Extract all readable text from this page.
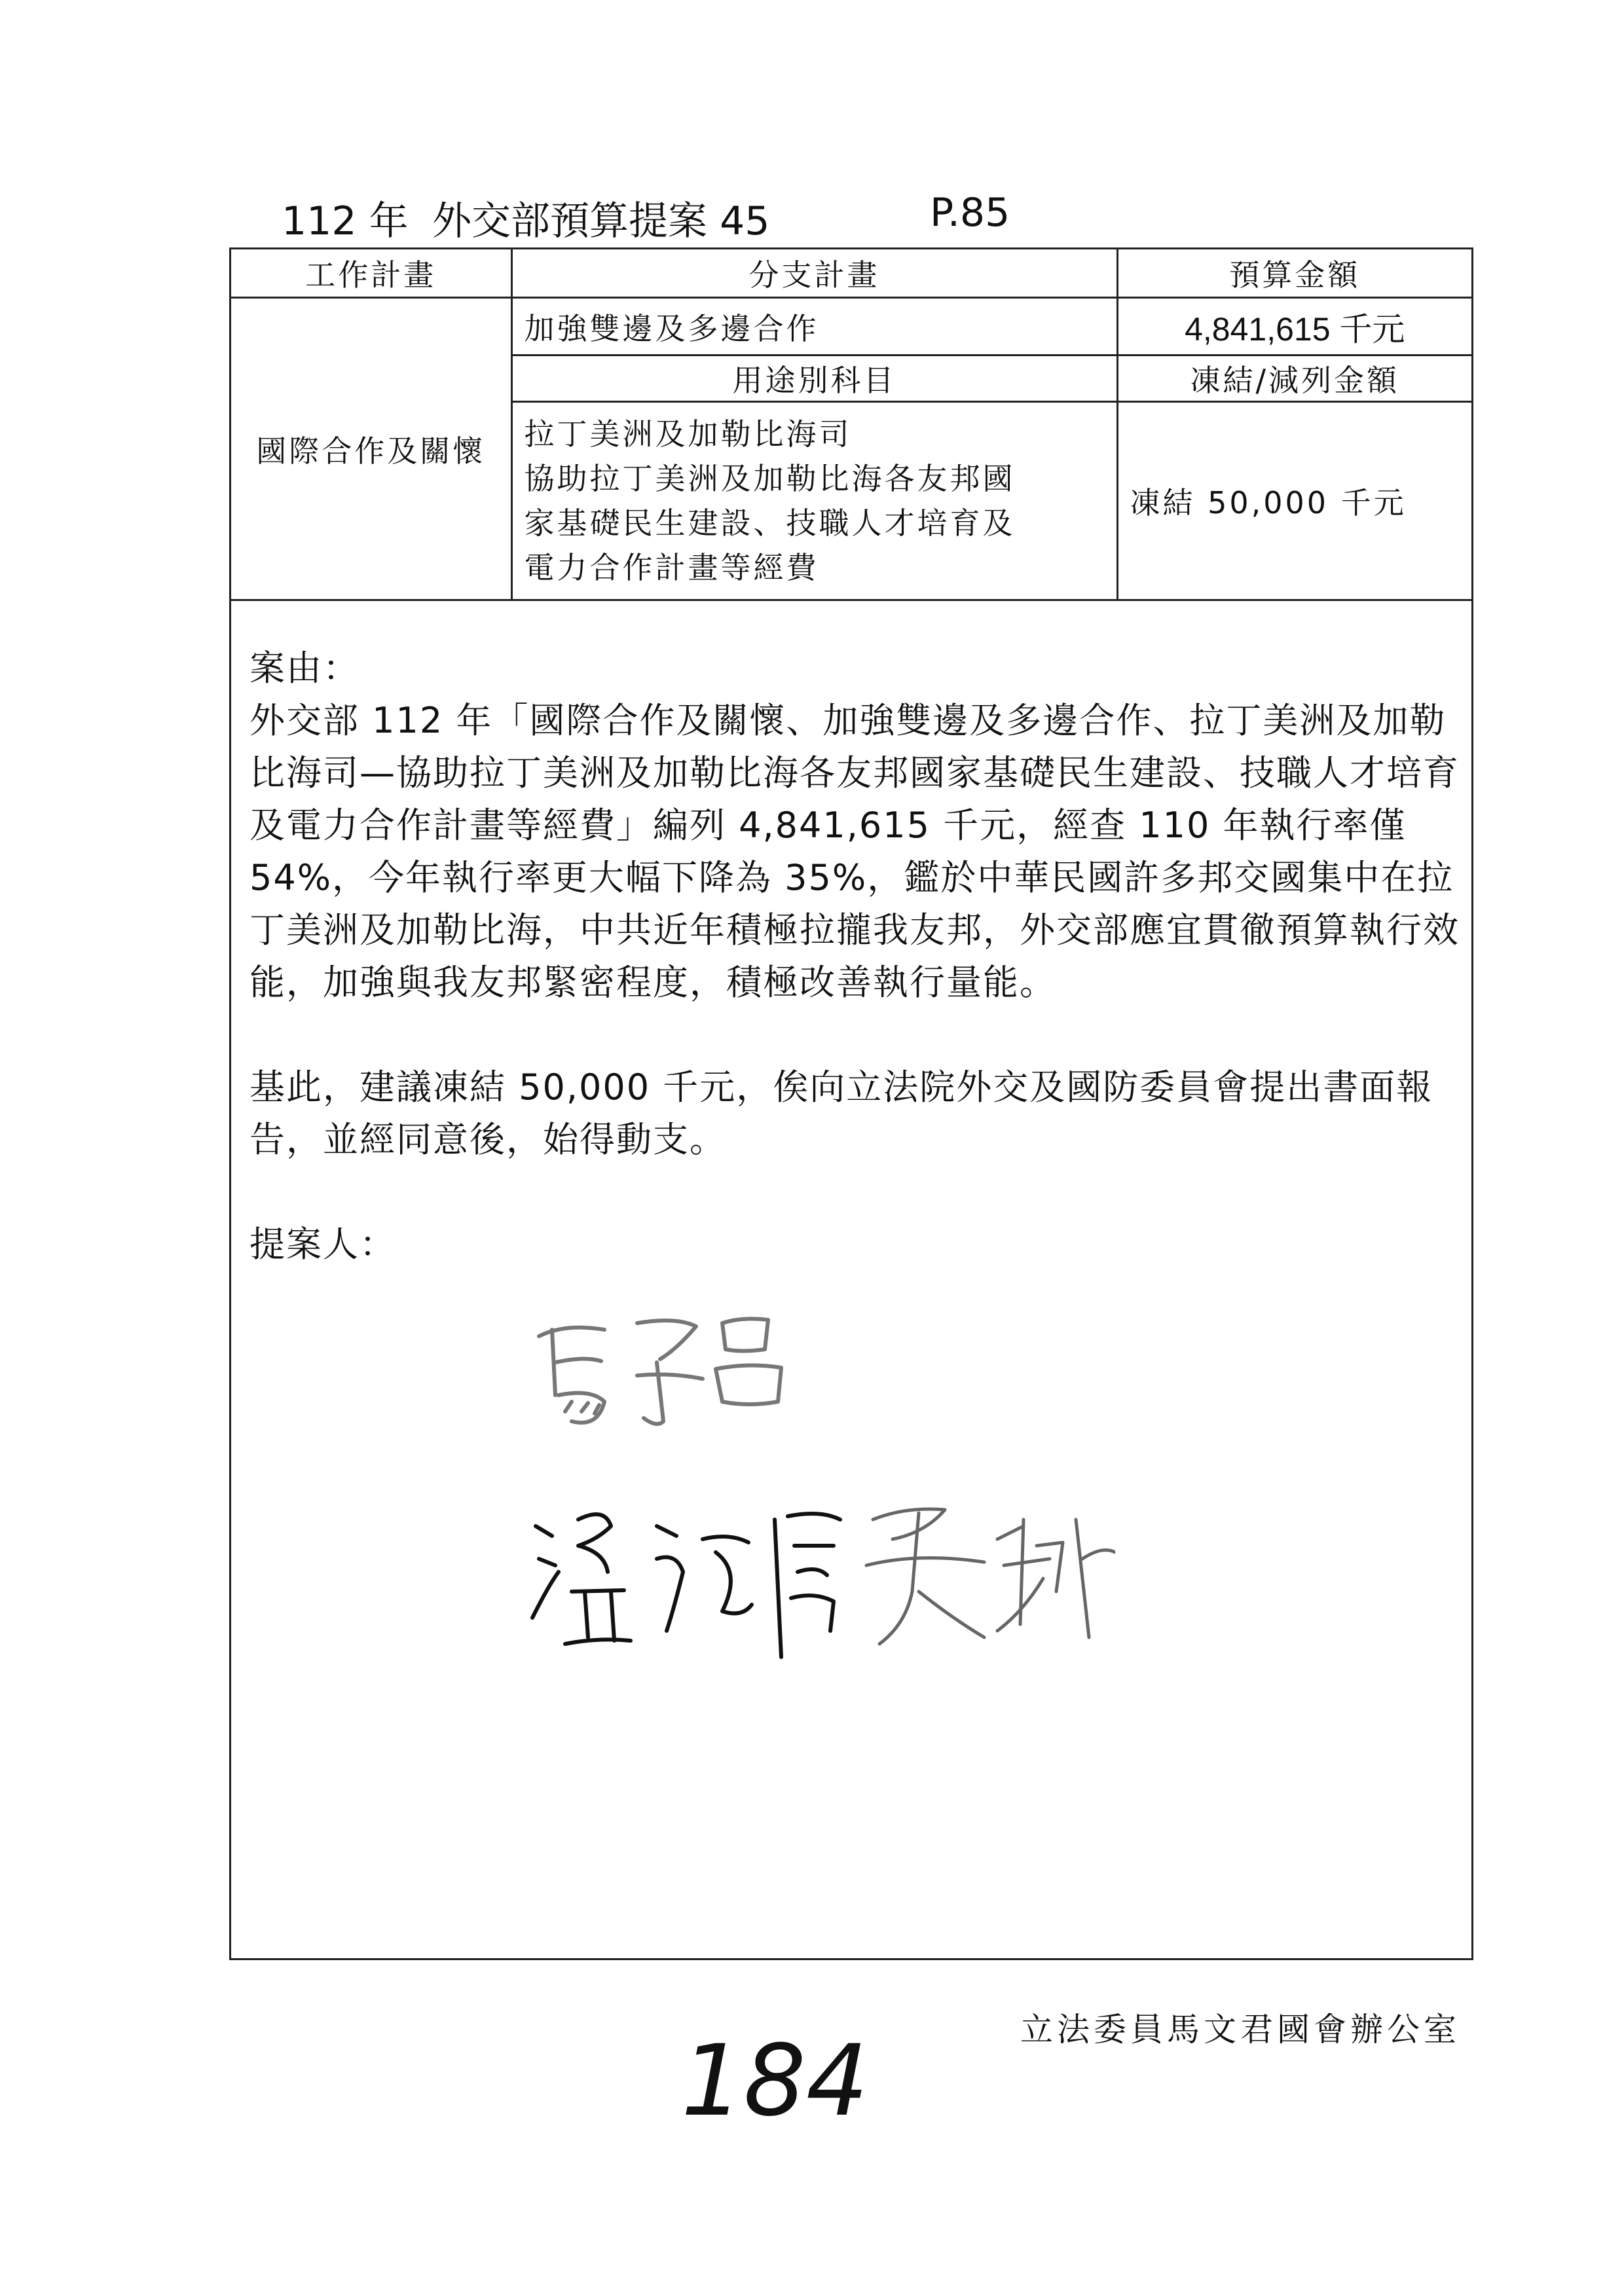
112 年 外交部預算提案 45	P.85
工作計畫	分支計畫	預算金額
國際合作及關懷	加強雙邊及多邊合作	4,841,615 千元
	用途別科目	凍結/減列金額

	拉丁美洲及加勒比海司
協助拉丁美洲及加勒比海各友邦國
家基礎民生建設、技職人才培育及
電力合作計畫等經費	凍結 50,000 千元

案由：

外交部 112 年「國際合作及關懷、加強雙邊及多邊合作、拉丁美洲及加勒比海司—協助拉丁美洲及加勒比海各友邦國家基礎民生建設、技職人才培育及電力合作計畫等經費」編列 4,841,615 千元，經查 110 年執行率僅 54%，今年執行率更大幅下降為 35%，鑑於中華民國許多邦交國集中在拉丁美洲及加勒比海，中共近年積極拉攏我友邦，外交部應宜貫徹預算執行效能，加強與我友邦緊密程度，積極改善執行量能。

基此，建議凍結 50,000 千元，俟向立法院外交及國防委員會提出書面報告，並經同意後，始得動支。

提案人：

184	立法委員馬文君國會辦公室
